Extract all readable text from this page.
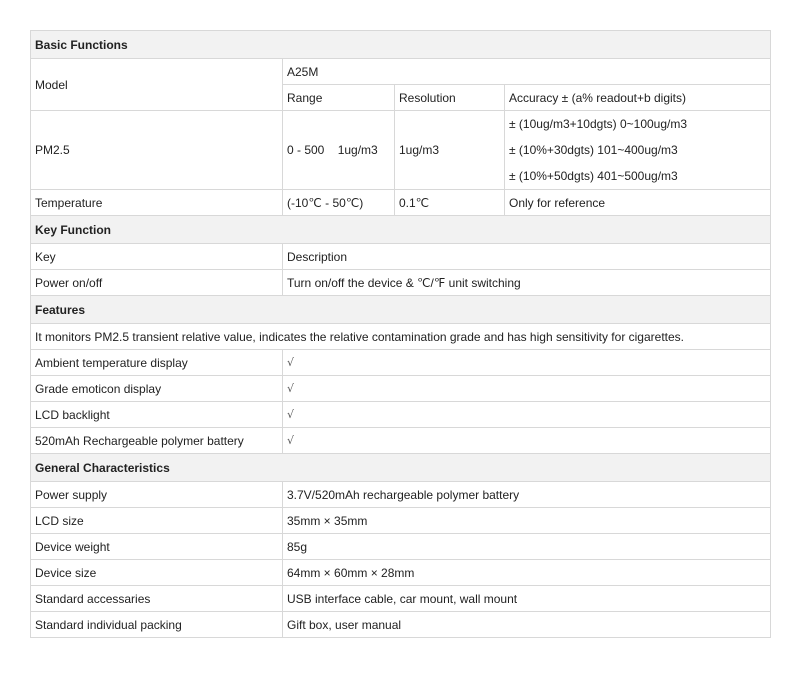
Basic Functions			
Model	A25M		
	Range	Resolution	Accuracy ± (a% readout+b digits)
PM2.5	0 - 500    1ug/m3	1ug/m3	± (10ug/m3+10dgts) 0~100ug/m3
± (10%+30dgts) 101~400ug/m3
± (10%+50dgts) 401~500ug/m3

Temperature	(-10℃ - 50℃)	0.1℃	Only for reference
Key Function			
Key	Description		
Power on/off	Turn on/off the device & ℃/℉ unit switching		
Features			
It monitors PM2.5 transient relative value, indicates the relative contamination grade and has high sensitivity for cigarettes.			
Ambient temperature display	√		
Grade emoticon display	√		
LCD backlight	√		
520mAh Rechargeable polymer battery	√		
General Characteristics			
Power supply	3.7V/520mAh rechargeable polymer battery		
LCD size	35mm × 35mm		
Device weight	85g		
Device size	64mm × 60mm × 28mm		
Standard accessaries	USB interface cable, car mount, wall mount		
Standard individual packing	Gift box, user manual		
